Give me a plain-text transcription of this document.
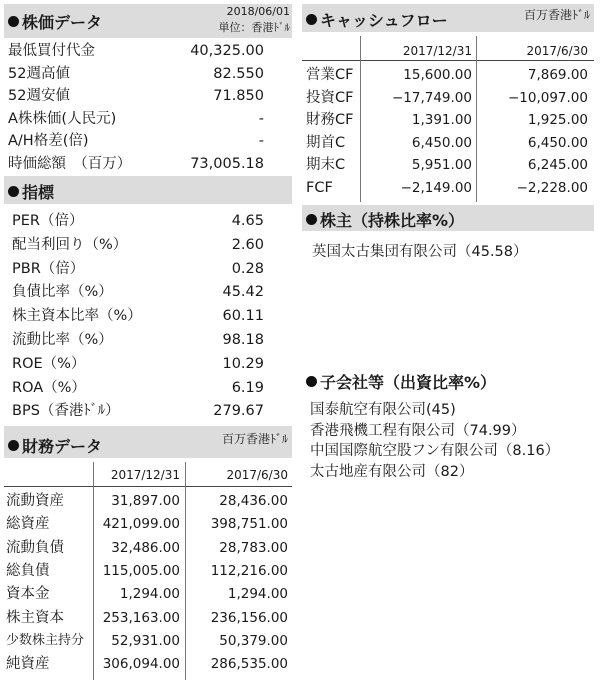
株価データ
2018/06/01
単位：香港ﾄﾞﾙ
最低買付代金	40,325.00
52週高値	82.550
52週安値	71.850
A株株価(人民元)	-
A/H格差(倍)	-
時価総額　（百万）	73,005.18
指標
PER（倍）	4.65
配当利回り（%）	2.60
PBR（倍）	0.28
負債比率（%）	45.42
株主資本比率（%）	60.11
流動比率（%）	98.18
ROE（%）	10.29
ROA（%）	6.19
BPS（香港ﾄﾞﾙ）	279.67
財務データ	百万香港ﾄﾞﾙ
2017/12/31	2017/6/30
流動資産	31,897.00	28,436.00
総資産	421,099.00	398,751.00
流動負債	32,486.00	28,783.00
総負債	115,005.00	112,216.00
資本金	1,294.00	1,294.00
株主資本	253,163.00	236,156.00
少数株主持分	52,931.00	50,379.00
純資産	306,094.00	286,535.00
キャッシュフロー	百万香港ﾄﾞﾙ
2017/12/31	2017/6/30
営業CF	15,600.00	7,869.00
投資CF	−17,749.00	−10,097.00
財務CF	1,391.00	1,925.00
期首C	6,450.00	6,450.00
期末C	5,951.00	6,245.00
FCF	−2,149.00	−2,228.00
株主（持株比率%）
英国太古集団有限公司（45.58）
子会社等（出資比率%）
国泰航空有限公司(45)
香港飛機工程有限公司（74.99）
中国国際航空股フン有限公司（8.16）
太古地産有限公司（82）
